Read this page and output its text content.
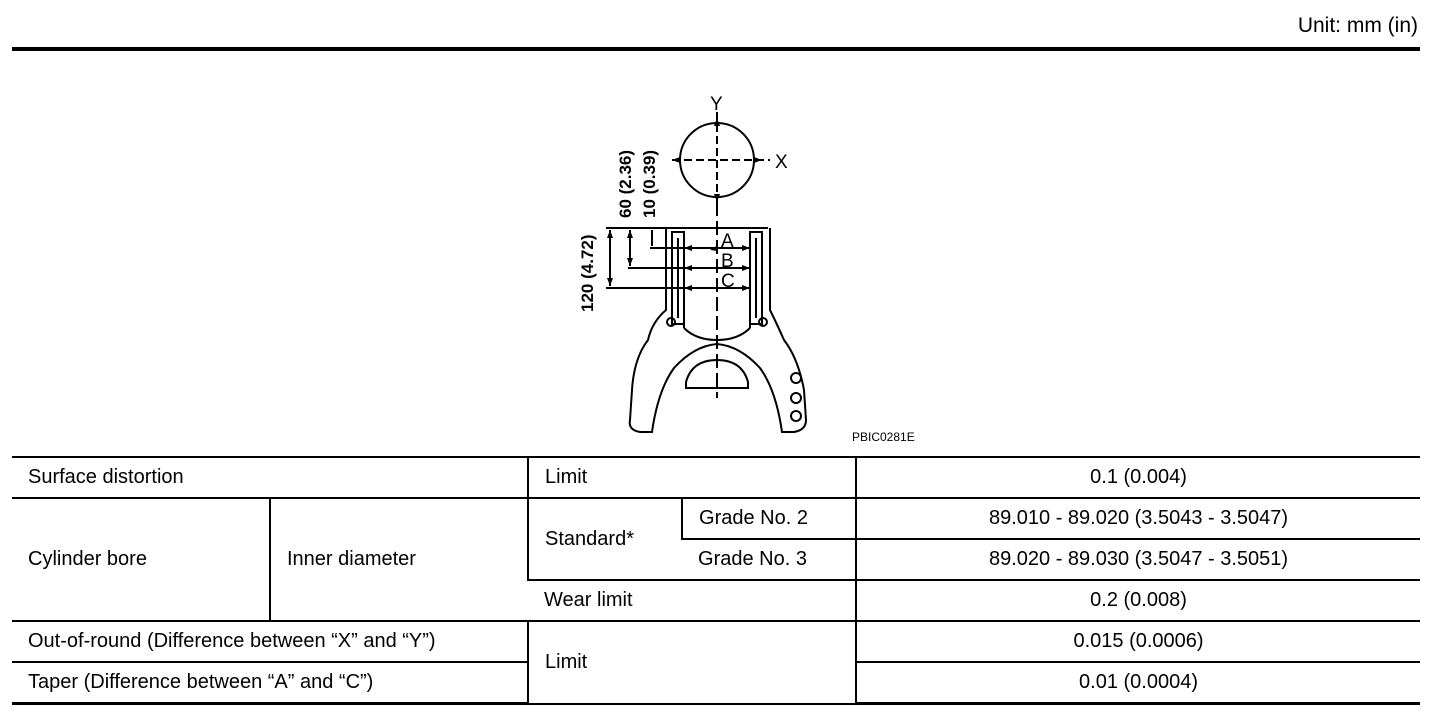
Unit: mm (in)
Y
X
A
B
C
60 (2.36) 10 (0.39)
120 (4.72)
PBIC0281E
Surface distortion		Limit		0.1 (0.004)
Cylinder bore	Inner diameter	Standard*	Grade No. 2	89.010 - 89.020 (3.5043 - 3.5047)
			Grade No. 3	89.020 - 89.030 (3.5047 - 3.5051)
		Wear limit		0.2 (0.008)
Out-of-round (Difference between “X” and “Y”)		Limit		0.015 (0.0006)
Taper (Difference between “A” and “C”)				0.01 (0.0004)
